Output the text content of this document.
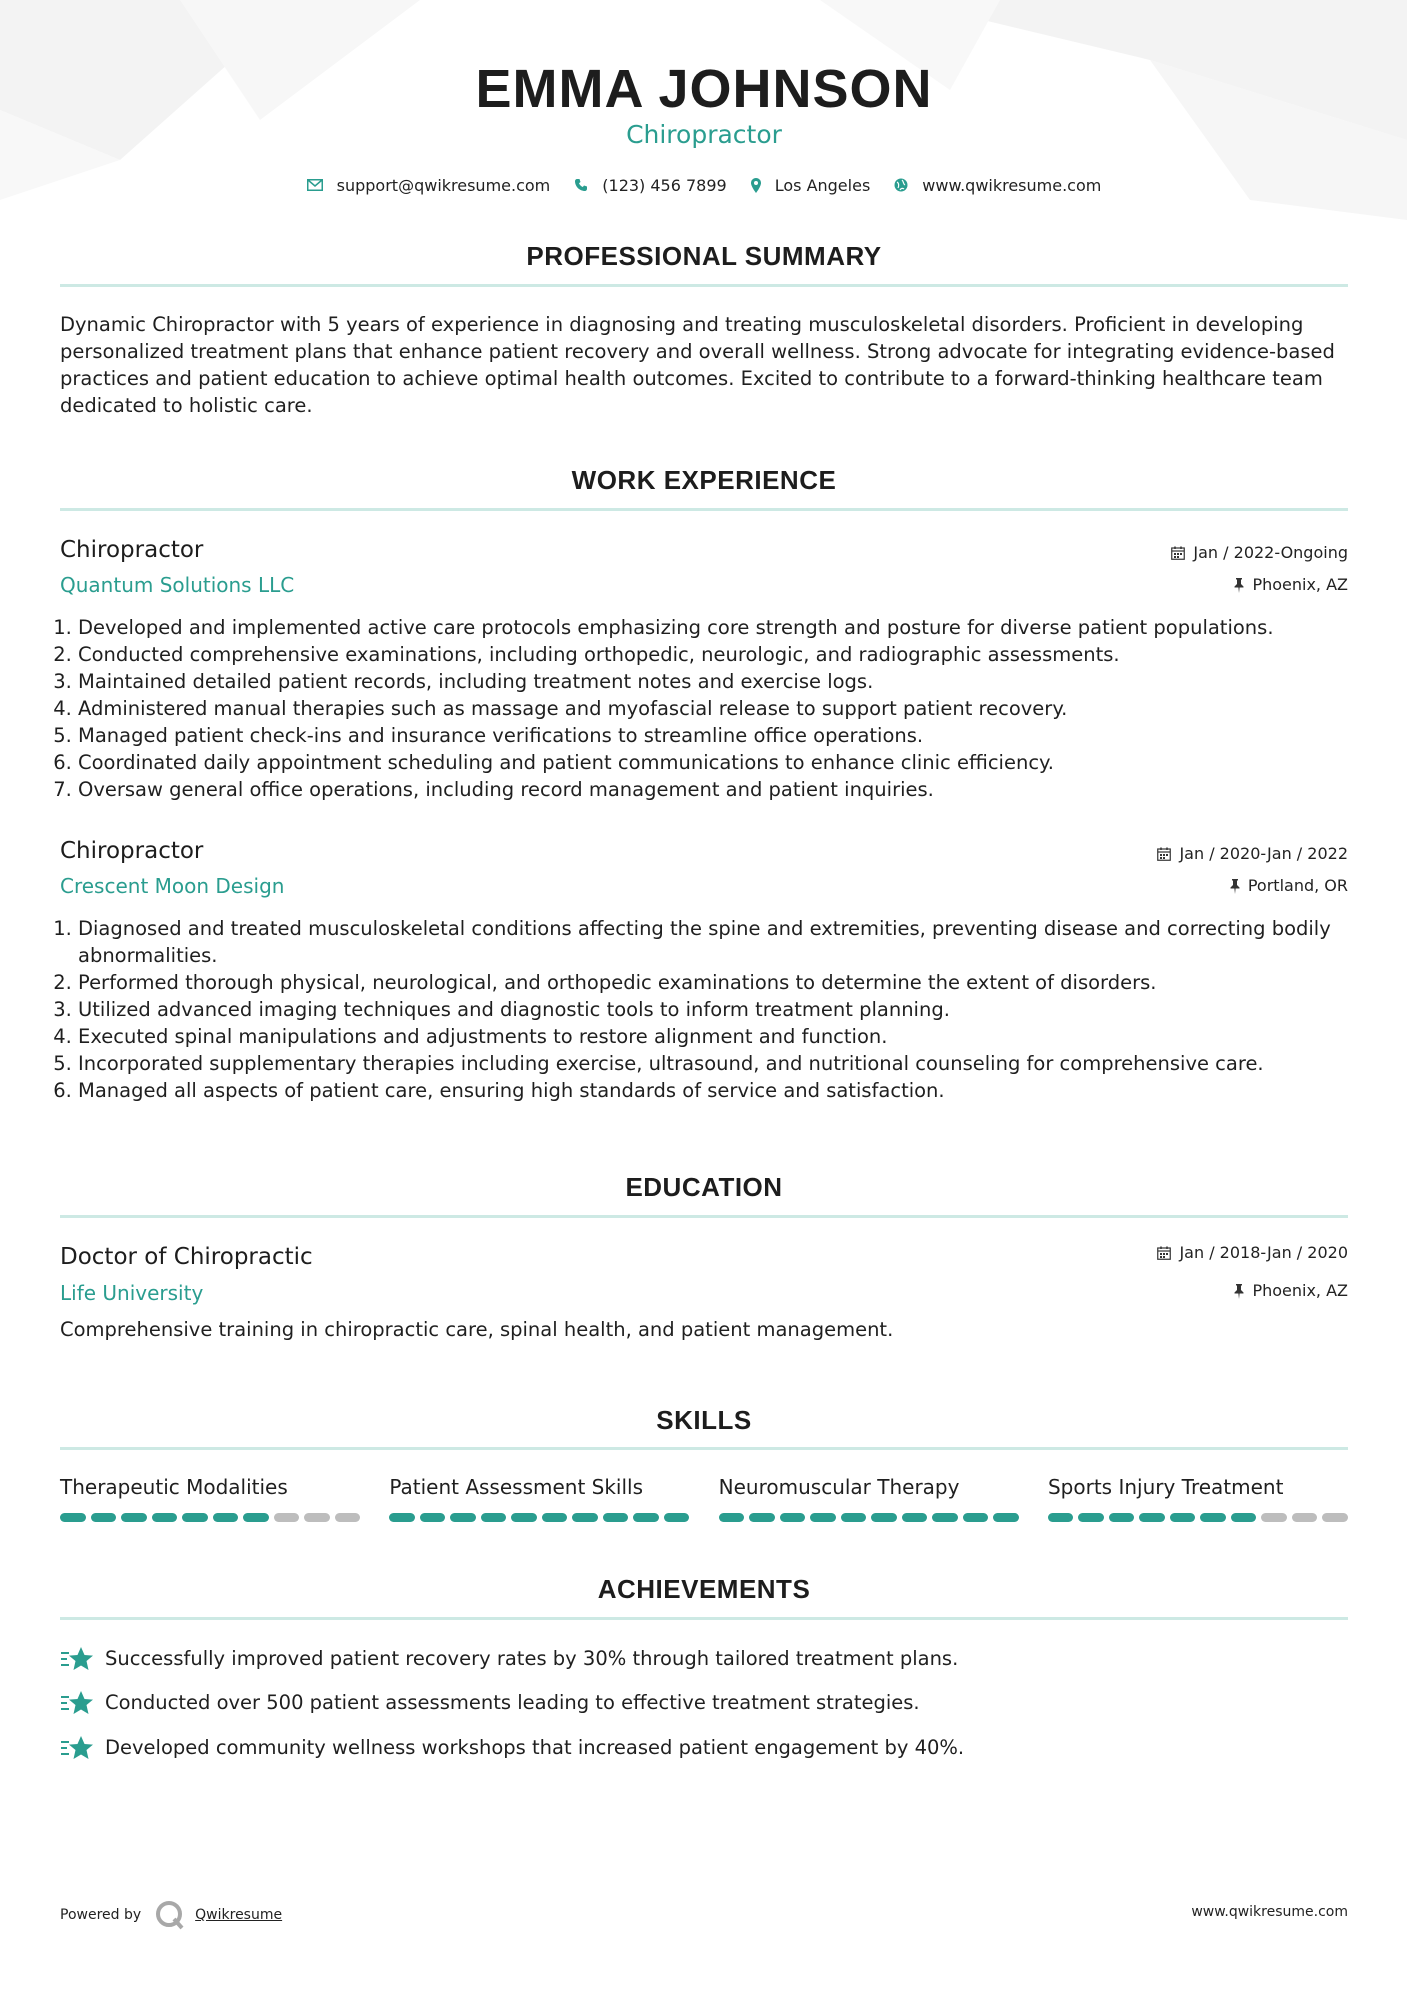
EMMA JOHNSON
Chiropractor
support@qwikresume.com	(123) 456 7899	Los Angeles	www.qwikresume.com
PROFESSIONAL SUMMARY
Dynamic Chiropractor with 5 years of experience in diagnosing and treating musculoskeletal disorders. Proficient in developing personalized treatment plans that enhance patient recovery and overall wellness. Strong advocate for integrating evidence-based practices and patient education to achieve optimal health outcomes. Excited to contribute to a forward-thinking healthcare team dedicated to holistic care.
WORK EXPERIENCE
Chiropractor
Quantum Solutions LLC
Jan / 2022-Ongoing
Phoenix, AZ
1. Developed and implemented active care protocols emphasizing core strength and posture for diverse patient populations.
2. Conducted comprehensive examinations, including orthopedic, neurologic, and radiographic assessments.
3. Maintained detailed patient records, including treatment notes and exercise logs.
4. Administered manual therapies such as massage and myofascial release to support patient recovery.
5. Managed patient check-ins and insurance verifications to streamline office operations.
6. Coordinated daily appointment scheduling and patient communications to enhance clinic efficiency.
7. Oversaw general office operations, including record management and patient inquiries.
Chiropractor
Crescent Moon Design
Jan / 2020-Jan / 2022
Portland, OR
1. Diagnosed and treated musculoskeletal conditions affecting the spine and extremities, preventing disease and correcting bodily abnormalities.
2. Performed thorough physical, neurological, and orthopedic examinations to determine the extent of disorders.
3. Utilized advanced imaging techniques and diagnostic tools to inform treatment planning.
4. Executed spinal manipulations and adjustments to restore alignment and function.
5. Incorporated supplementary therapies including exercise, ultrasound, and nutritional counseling for comprehensive care.
6. Managed all aspects of patient care, ensuring high standards of service and satisfaction.
EDUCATION
Doctor of Chiropractic
Life University
Jan / 2018-Jan / 2020
Phoenix, AZ
Comprehensive training in chiropractic care, spinal health, and patient management.
SKILLS
Therapeutic Modalities	Patient Assessment Skills	Neuromuscular Therapy	Sports Injury Treatment
ACHIEVEMENTS
Successfully improved patient recovery rates by 30% through tailored treatment plans.
Conducted over 500 patient assessments leading to effective treatment strategies.
Developed community wellness workshops that increased patient engagement by 40%.
Powered by	Qwikresume	www.qwikresume.com
